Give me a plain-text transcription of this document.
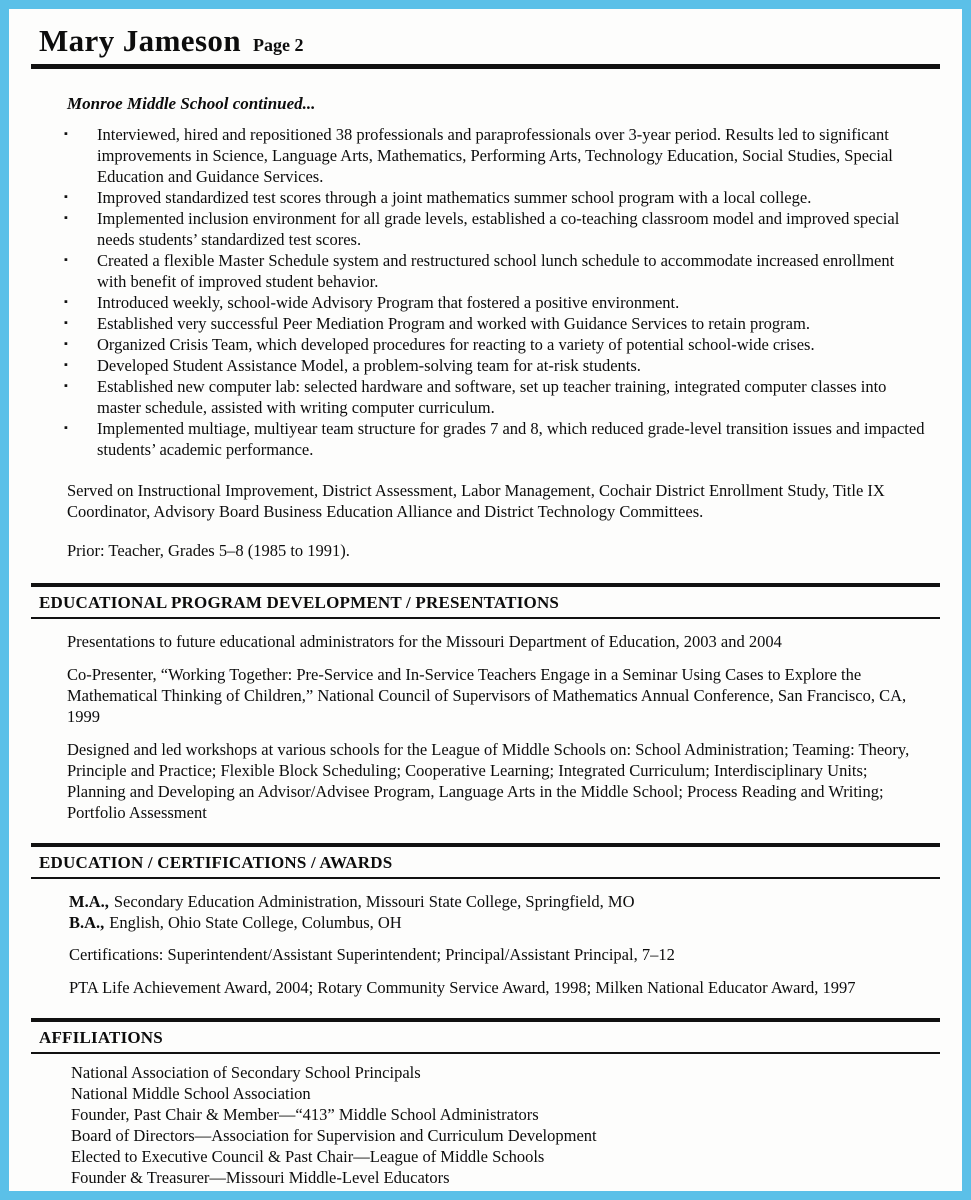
Mary Jameson Page 2

Monroe Middle School continued...

▪	Interviewed, hired and repositioned 38 professionals and paraprofessionals over 3-year period. Results led to significant improvements in Science, Language Arts, Mathematics, Performing Arts, Technology Education, Social Studies, Special Education and Guidance Services.
▪	Improved standardized test scores through a joint mathematics summer school program with a local college.
▪	Implemented inclusion environment for all grade levels, established a co-teaching classroom model and improved special needs students’ standardized test scores.
▪	Created a flexible Master Schedule system and restructured school lunch schedule to accommodate increased enrollment with benefit of improved student behavior.
▪	Introduced weekly, school-wide Advisory Program that fostered a positive environment.
▪	Established very successful Peer Mediation Program and worked with Guidance Services to retain program.
▪	Organized Crisis Team, which developed procedures for reacting to a variety of potential school-wide crises.
▪	Developed Student Assistance Model, a problem-solving team for at-risk students.
▪	Established new computer lab: selected hardware and software, set up teacher training, integrated computer classes into master schedule, assisted with writing computer curriculum.
▪	Implemented multiage, multiyear team structure for grades 7 and 8, which reduced grade-level transition issues and impacted students’ academic performance.

Served on Instructional Improvement, District Assessment, Labor Management, Cochair District Enrollment Study, Title IX Coordinator, Advisory Board Business Education Alliance and District Technology Committees.

Prior: Teacher, Grades 5–8 (1985 to 1991).

EDUCATIONAL PROGRAM DEVELOPMENT / PRESENTATIONS

Presentations to future educational administrators for the Missouri Department of Education, 2003 and 2004

Co-Presenter, “Working Together: Pre-Service and In-Service Teachers Engage in a Seminar Using Cases to Explore the Mathematical Thinking of Children,” National Council of Supervisors of Mathematics Annual Conference, San Francisco, CA, 1999

Designed and led workshops at various schools for the League of Middle Schools on: School Administration; Teaming: Theory, Principle and Practice; Flexible Block Scheduling; Cooperative Learning; Integrated Curriculum; Interdisciplinary Units; Planning and Developing an Advisor/Advisee Program, Language Arts in the Middle School; Process Reading and Writing; Portfolio Assessment

EDUCATION / CERTIFICATIONS / AWARDS
M.A., Secondary Education Administration, Missouri State College, Springfield, MO
B.A., English, Ohio State College, Columbus, OH

Certifications: Superintendent/Assistant Superintendent; Principal/Assistant Principal, 7–12

PTA Life Achievement Award, 2004; Rotary Community Service Award, 1998; Milken National Educator Award, 1997

AFFILIATIONS
National Association of Secondary School Principals
National Middle School Association
Founder, Past Chair & Member—“413” Middle School Administrators
Board of Directors—Association for Supervision and Curriculum Development
Elected to Executive Council & Past Chair—League of Middle Schools
Founder & Treasurer—Missouri Middle-Level Educators
